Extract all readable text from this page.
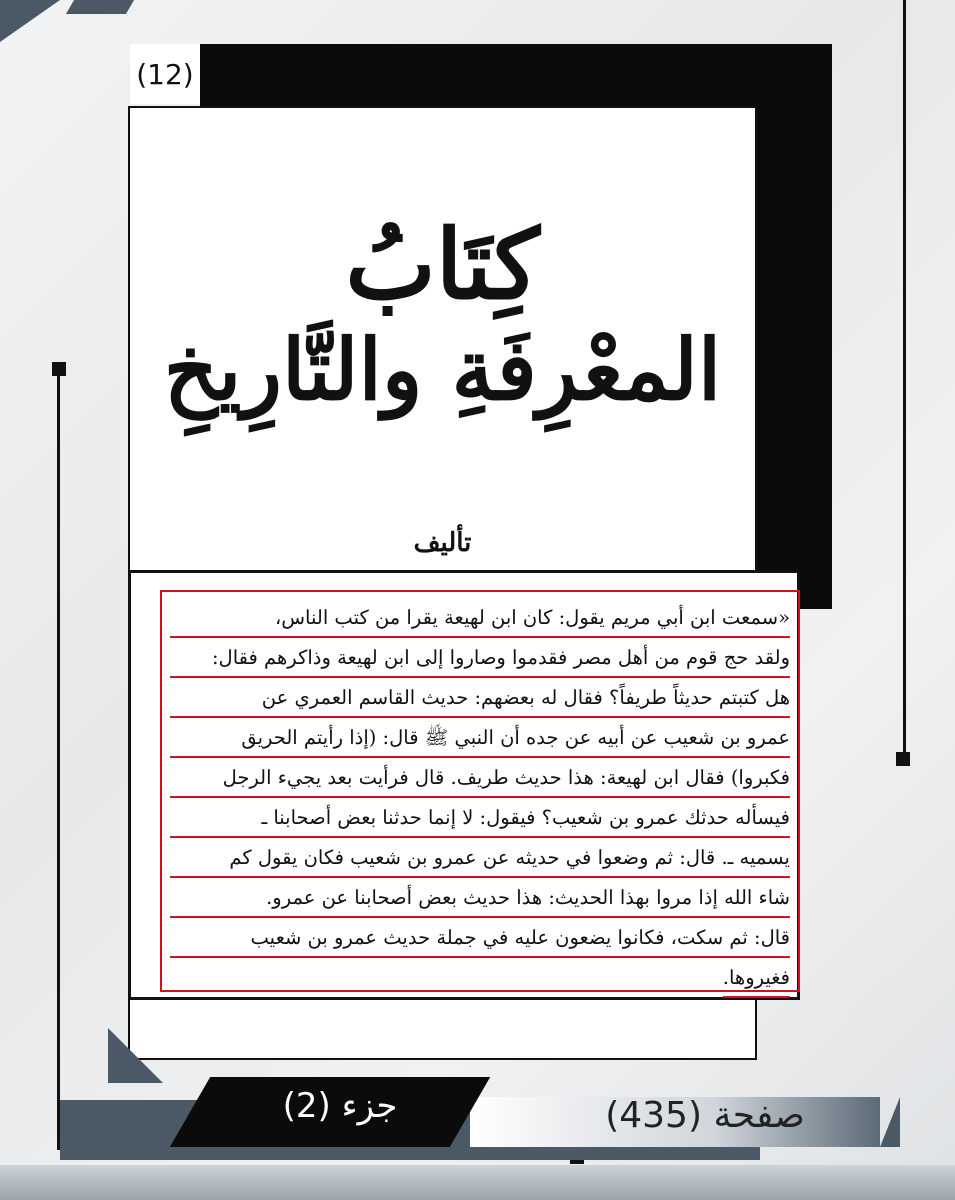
(12)
كِتَابُ
المعْرِفَةِ والتَّارِيخِ
تأليف
«سمعت ابن أبي مريم يقول: كان ابن لهيعة يقرا من كتب الناس،
ولقد حج قوم من أهل مصر فقدموا وصاروا إلى ابن لهيعة وذاكرهم فقال:
هل كتبتم حديثاً طريفاً؟ فقال له بعضهم: حديث القاسم العمري عن
عمرو بن شعيب عن أبيه عن جده أن النبي ﷺ قال: (إذا رأيتم الحريق
فكبروا) فقال ابن لهيعة: هذا حديث طريف. قال فرأيت بعد يجيء الرجل
فيسأله حدثك عمرو بن شعيب؟ فيقول: لا إنما حدثنا بعض أصحابنا ـ
يسميه ـ. قال: ثم وضعوا في حديثه عن عمرو بن شعيب فكان يقول كم
شاء الله إذا مروا بهذا الحديث: هذا حديث بعض أصحابنا عن عمرو.
قال: ثم سكت، فكانوا يضعون عليه في جملة حديث عمرو بن شعيب
فغيروها.
جزء (2)	صفحة (435)
